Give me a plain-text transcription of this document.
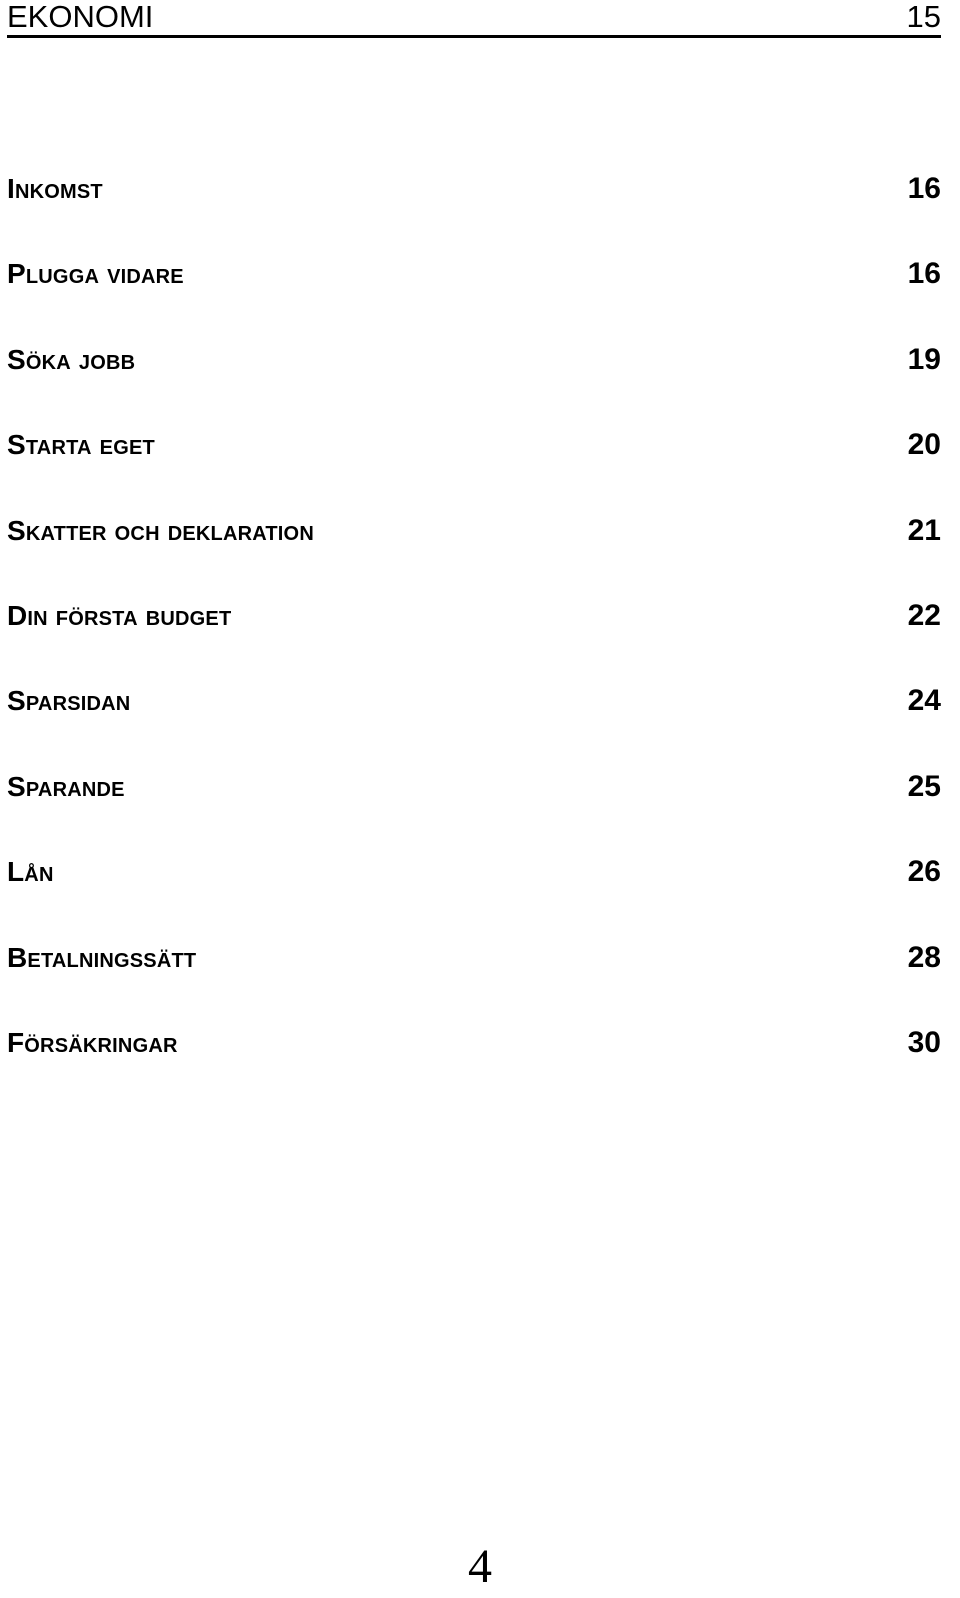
EKONOMI	15
Inkomst	16
Plugga vidare	16
Söka jobb	19
Starta eget	20
Skatter och deklaration	21
Din första budget	22
Sparsidan	24
Sparande	25
Lån	26
Betalningssätt	28
Försäkringar	30
4
